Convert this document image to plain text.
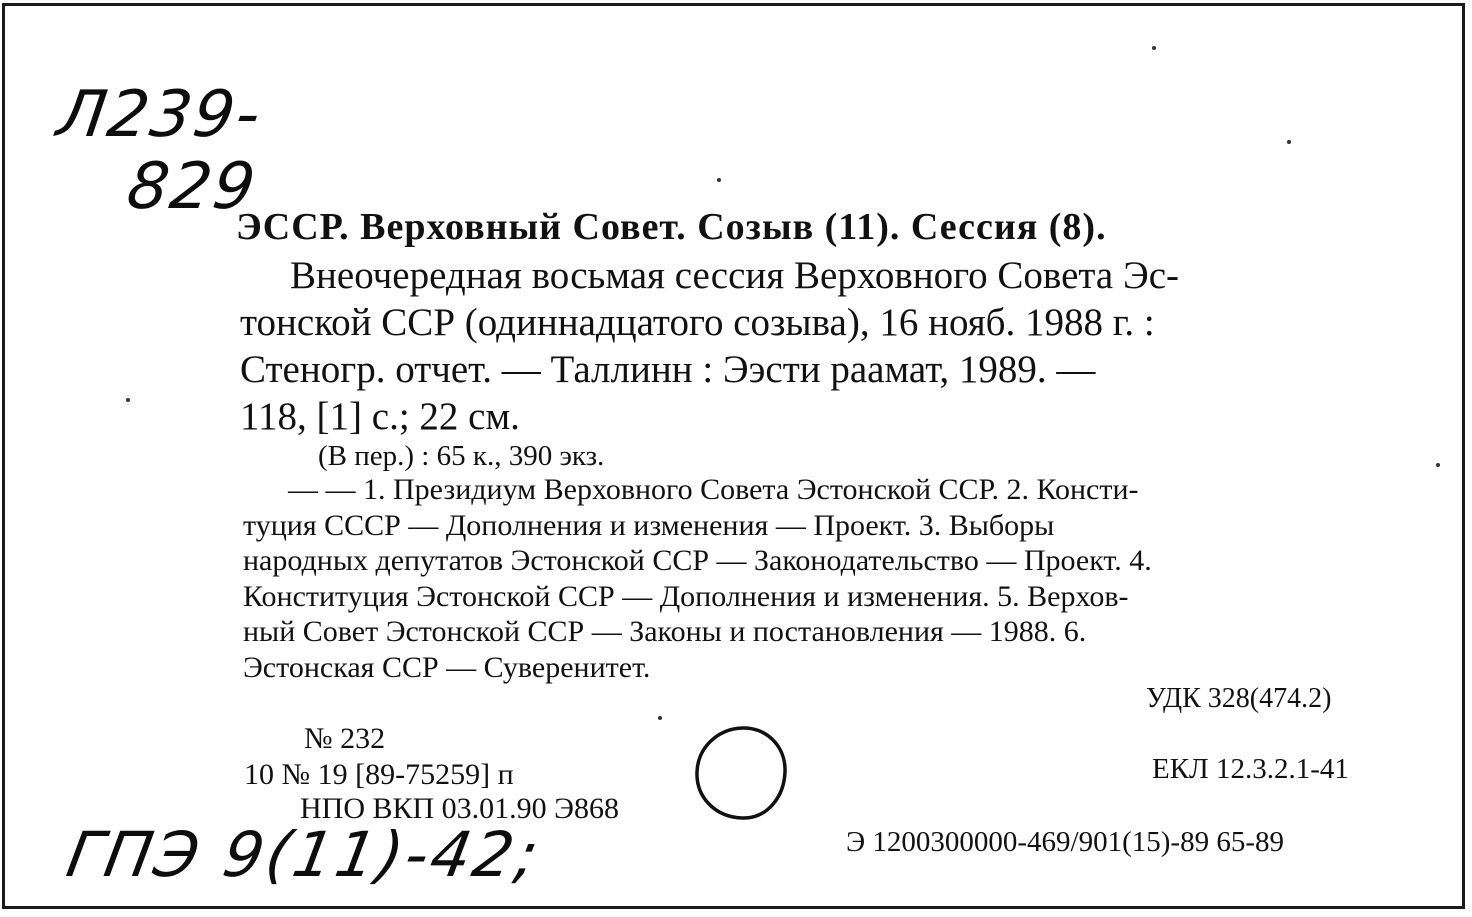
Л239-
829
ЭССР. Верховный Совет. Созыв (11). Сессия (8).
Внеочередная восьмая сессия Верховного Совета Эс-
тонской ССР (одиннадцатого созыва), 16 нояб. 1988 г. :
Стеногр. отчет. — Таллинн : Ээсти раамат, 1989. —
118, [1] с.; 22 см.
(В пер.) : 65 к., 390 экз.
— — 1. Президиум Верховного Совета Эстонской ССР. 2. Консти-
туция СССР — Дополнения и изменения — Проект. 3. Выборы
народных депутатов Эстонской ССР — Законодательство — Проект. 4.
Конституция Эстонской ССР — Дополнения и изменения. 5. Верхов-
ный Совет Эстонской ССР — Законы и постановления — 1988. 6.
Эстонская ССР — Суверенитет.
УДК 328(474.2)
№ 232
10 № 19 [89-75259] п
НПО ВКП 03.01.90 Э868
ЕКЛ 12.3.2.1-41
Э 1200300000-469/901(15)-89 65-89
ГПЭ 9(11)-42;
